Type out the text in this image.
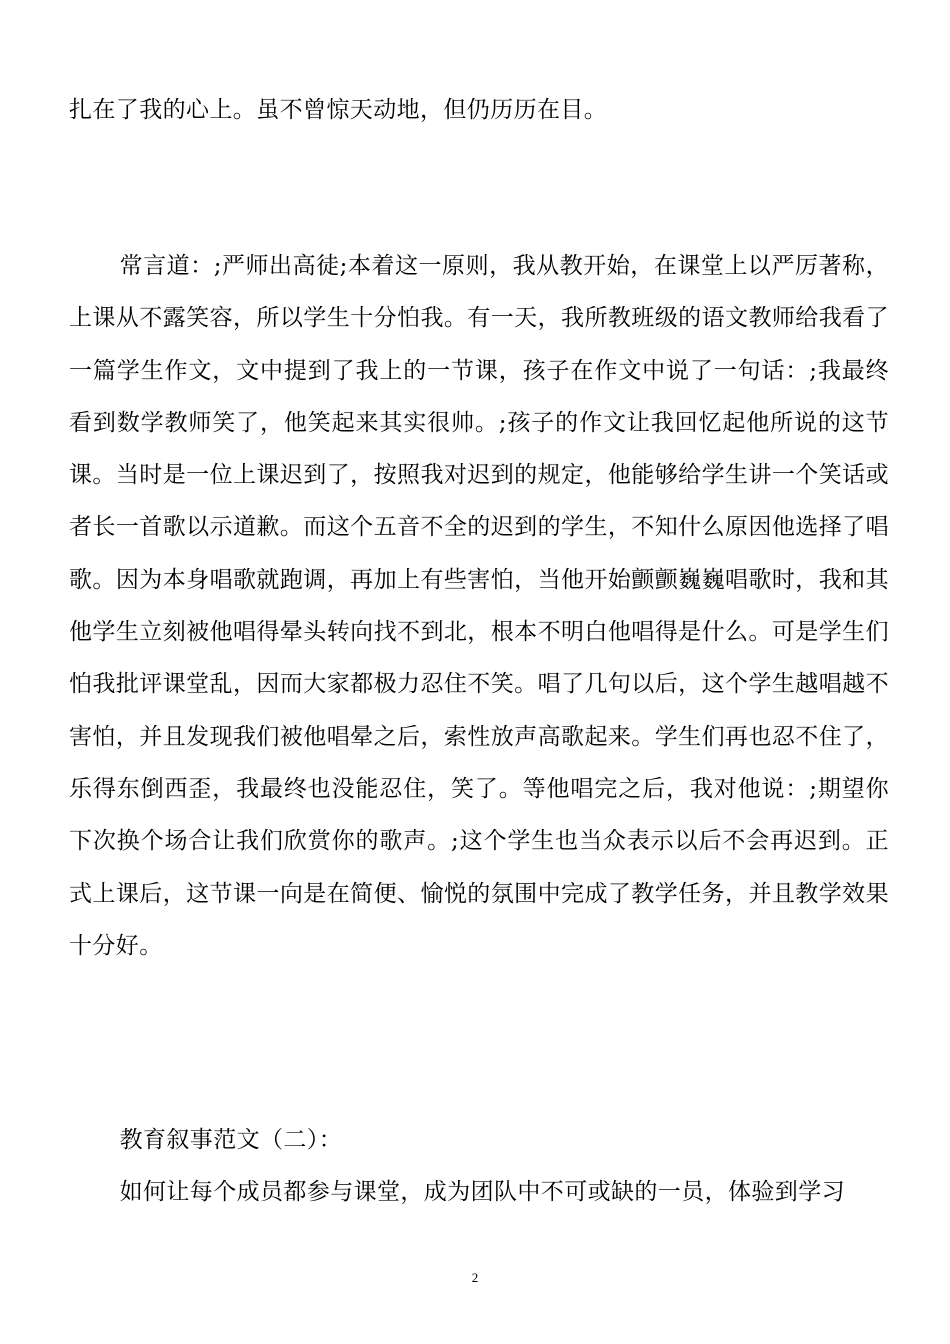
扎在了我的心上。虽不曾惊天动地，但仍历历在目。

常言道：;严师出高徒;本着这一原则，我从教开始，在课堂上以严厉著称，上课从不露笑容，所以学生十分怕我。有一天，我所教班级的语文教师给我看了一篇学生作文，文中提到了我上的一节课，孩子在作文中说了一句话：;我最终看到数学教师笑了，他笑起来其实很帅。;孩子的作文让我回忆起他所说的这节课。当时是一位上课迟到了，按照我对迟到的规定，他能够给学生讲一个笑话或者长一首歌以示道歉。而这个五音不全的迟到的学生，不知什么原因他选择了唱歌。因为本身唱歌就跑调，再加上有些害怕，当他开始颤颤巍巍唱歌时，我和其他学生立刻被他唱得晕头转向找不到北，根本不明白他唱得是什么。可是学生们怕我批评课堂乱，因而大家都极力忍住不笑。唱了几句以后，这个学生越唱越不害怕，并且发现我们被他唱晕之后，索性放声高歌起来。学生们再也忍不住了，乐得东倒西歪，我最终也没能忍住，笑了。等他唱完之后，我对他说：;期望你下次换个场合让我们欣赏你的歌声。;这个学生也当众表示以后不会再迟到。正式上课后，这节课一向是在简便、愉悦的氛围中完成了教学任务，并且教学效果十分好。

教育叙事范文（二）：

如何让每个成员都参与课堂，成为团队中不可或缺的一员，体验到学习

2
